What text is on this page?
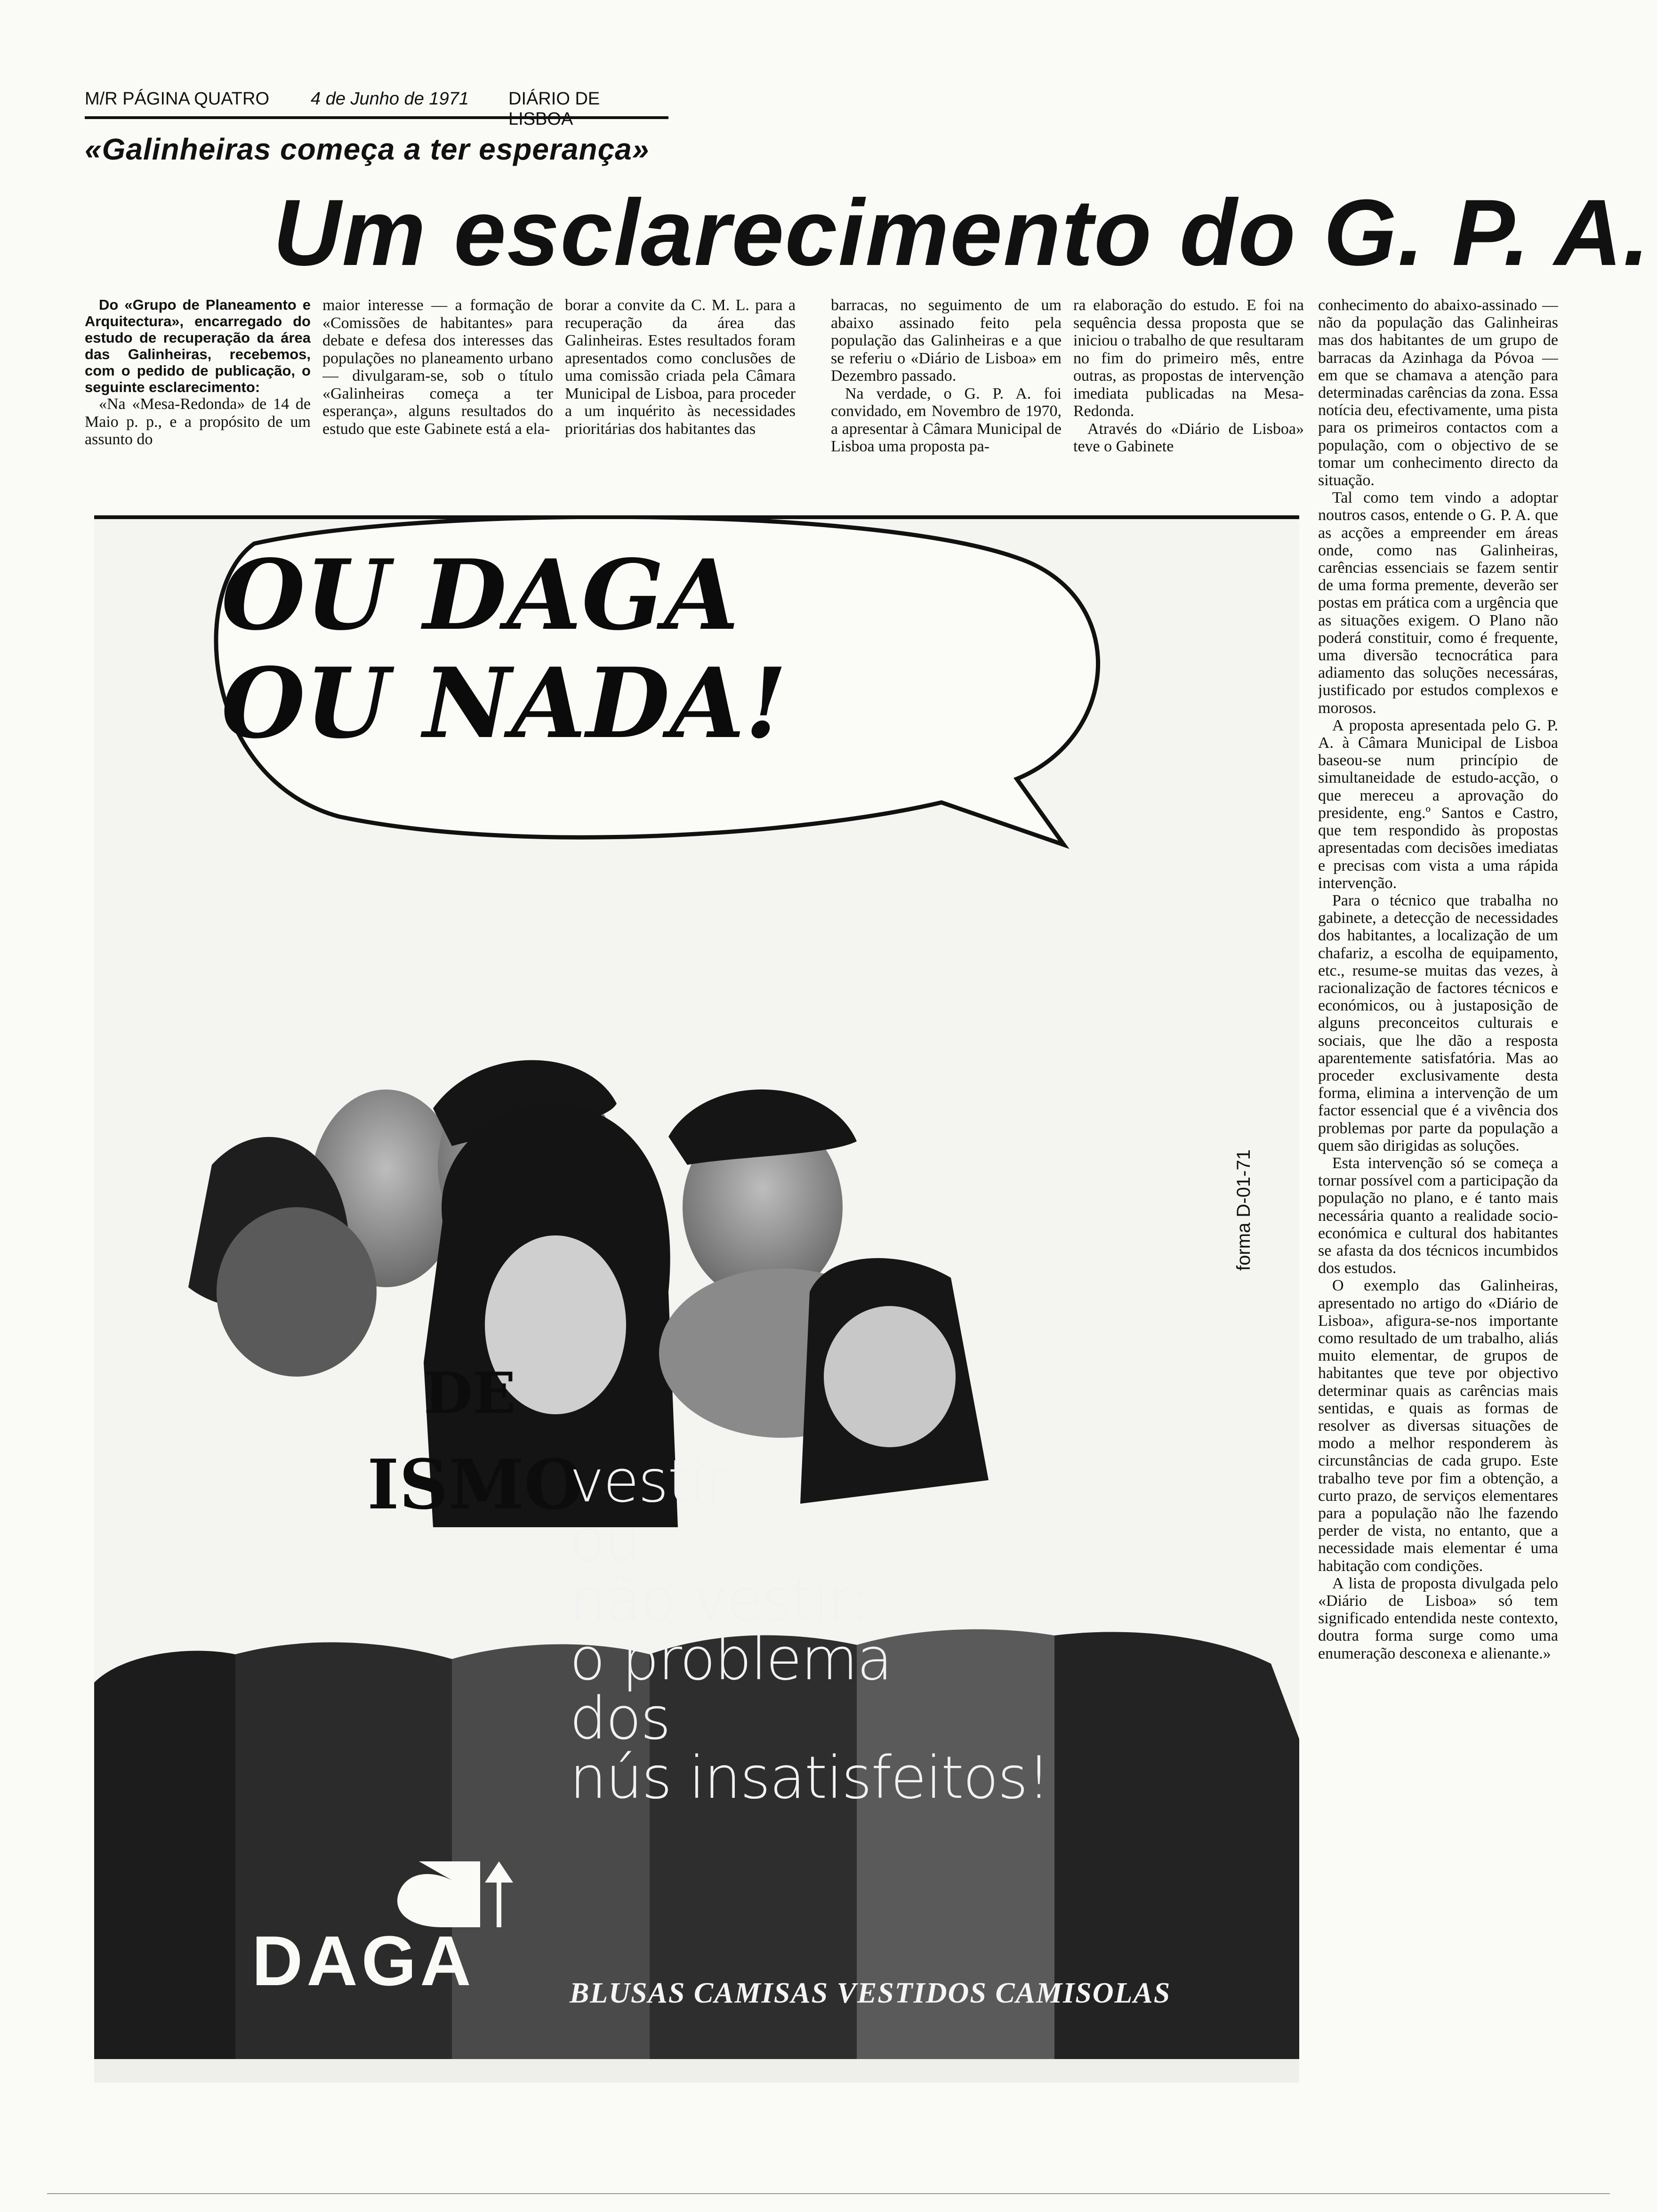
M/R PÁGINA QUATRO 4 de Junho de 1971 DIÁRIO DE LISBOA
«Galinheiras começa a ter esperança»
Um esclarecimento do G. P. A.

Do «Grupo de Planeamento e Arquitectura», encarregado do estudo de recuperação da área das Galinheiras, recebemos, com o pedido de publicação, o seguinte esclarecimento:

«Na «Mesa-Redonda» de 14 de Maio p. p., e a propósito de um assunto do

maior interesse — a formação de «Comissões de habitantes» para debate e defesa dos interesses das populações no planeamento urbano — divulgaram-se, sob o título «Galinheiras começa a ter esperança», alguns resultados do estudo que este Gabinete está a ela-

borar a convite da C. M. L. para a recuperação da área das Galinheiras. Estes resultados foram apresentados como conclusões de uma comissão criada pela Câmara Municipal de Lisboa, para proceder a um inquérito às necessidades prioritárias dos habitantes das

barracas, no seguimento de um abaixo assinado feito pela população das Galinheiras e a que se referiu o «Diário de Lisboa» em Dezembro passado.

Na verdade, o G. P. A. foi convidado, em Novembro de 1970, a apresentar à Câmara Municipal de Lisboa uma proposta pa-

ra elaboração do estudo. E foi na sequência dessa proposta que se iniciou o trabalho de que resultaram no fim do primeiro mês, entre outras, as propostas de intervenção imediata publicadas na Mesa-Redonda.

Através do «Diário de Lisboa» teve o Gabinete

conhecimento do abaixo-assinado — não da população das Galinheiras mas dos habitantes de um grupo de barracas da Azinhaga da Póvoa — em que se chamava a atenção para determinadas carências da zona. Essa notícia deu, efectivamente, uma pista para os primeiros contactos com a população, com o objectivo de se tomar um conhecimento directo da situação.

Tal como tem vindo a adoptar noutros casos, entende o G. P. A. que as acções a empreender em áreas onde, como nas Galinheiras, carências essenciais se fazem sentir de uma forma premente, deverão ser postas em prática com a urgência que as situações exigem. O Plano não poderá constituir, como é frequente, uma diversão tecnocrática para adiamento das soluções necessáras, justificado por estudos complexos e morosos.

A proposta apresentada pelo G. P. A. à Câmara Municipal de Lisboa baseou-se num princípio de simultaneidade de estudo-acção, o que mereceu a aprovação do presidente, eng.º Santos e Castro, que tem respondido às propostas apresentadas com decisões imediatas e precisas com vista a uma rápida intervenção.

Para o técnico que trabalha no gabinete, a detecção de necessidades dos habitantes, a localização de um chafariz, a escolha de equipamento, etc., resume-se muitas das vezes, à racionalização de factores técnicos e económicos, ou à justaposição de alguns preconceitos culturais e sociais, que lhe dão a resposta aparentemente satisfatória. Mas ao proceder exclusivamente desta forma, elimina a intervenção de um factor essencial que é a vivência dos problemas por parte da população a quem são dirigidas as soluções.

Esta intervenção só se começa a tornar possível com a participação da população no plano, e é tanto mais necessária quanto a realidade socio-económica e cultural dos habitantes se afasta da dos técnicos incumbidos dos estudos.

O exemplo das Galinheiras, apresentado no artigo do «Diário de Lisboa», afigura-se-nos importante como resultado de um trabalho, aliás muito elementar, de grupos de habitantes que teve por objectivo determinar quais as carências mais sentidas, e quais as formas de resolver as diversas situações de modo a melhor responderem às circunstâncias de cada grupo. Este trabalho teve por fim a obtenção, a curto prazo, de serviços elementares para a população não lhe fazendo perder de vista, no entanto, que a necessidade mais elementar é uma habitação com condições.

A lista de proposta divulgada pelo «Diário de Lisboa» só tem significado entendida neste contexto, doutra forma surge como uma enumeração desconexa e alienante.»

OU DAGA
OU NADA!
DE
ISMO
vestir
ou
não vestir:
o problema
dos
nús insatisfeitos!
DAGA	BLUSAS CAMISAS VESTIDOS CAMISOLAS
forma D-01-71
